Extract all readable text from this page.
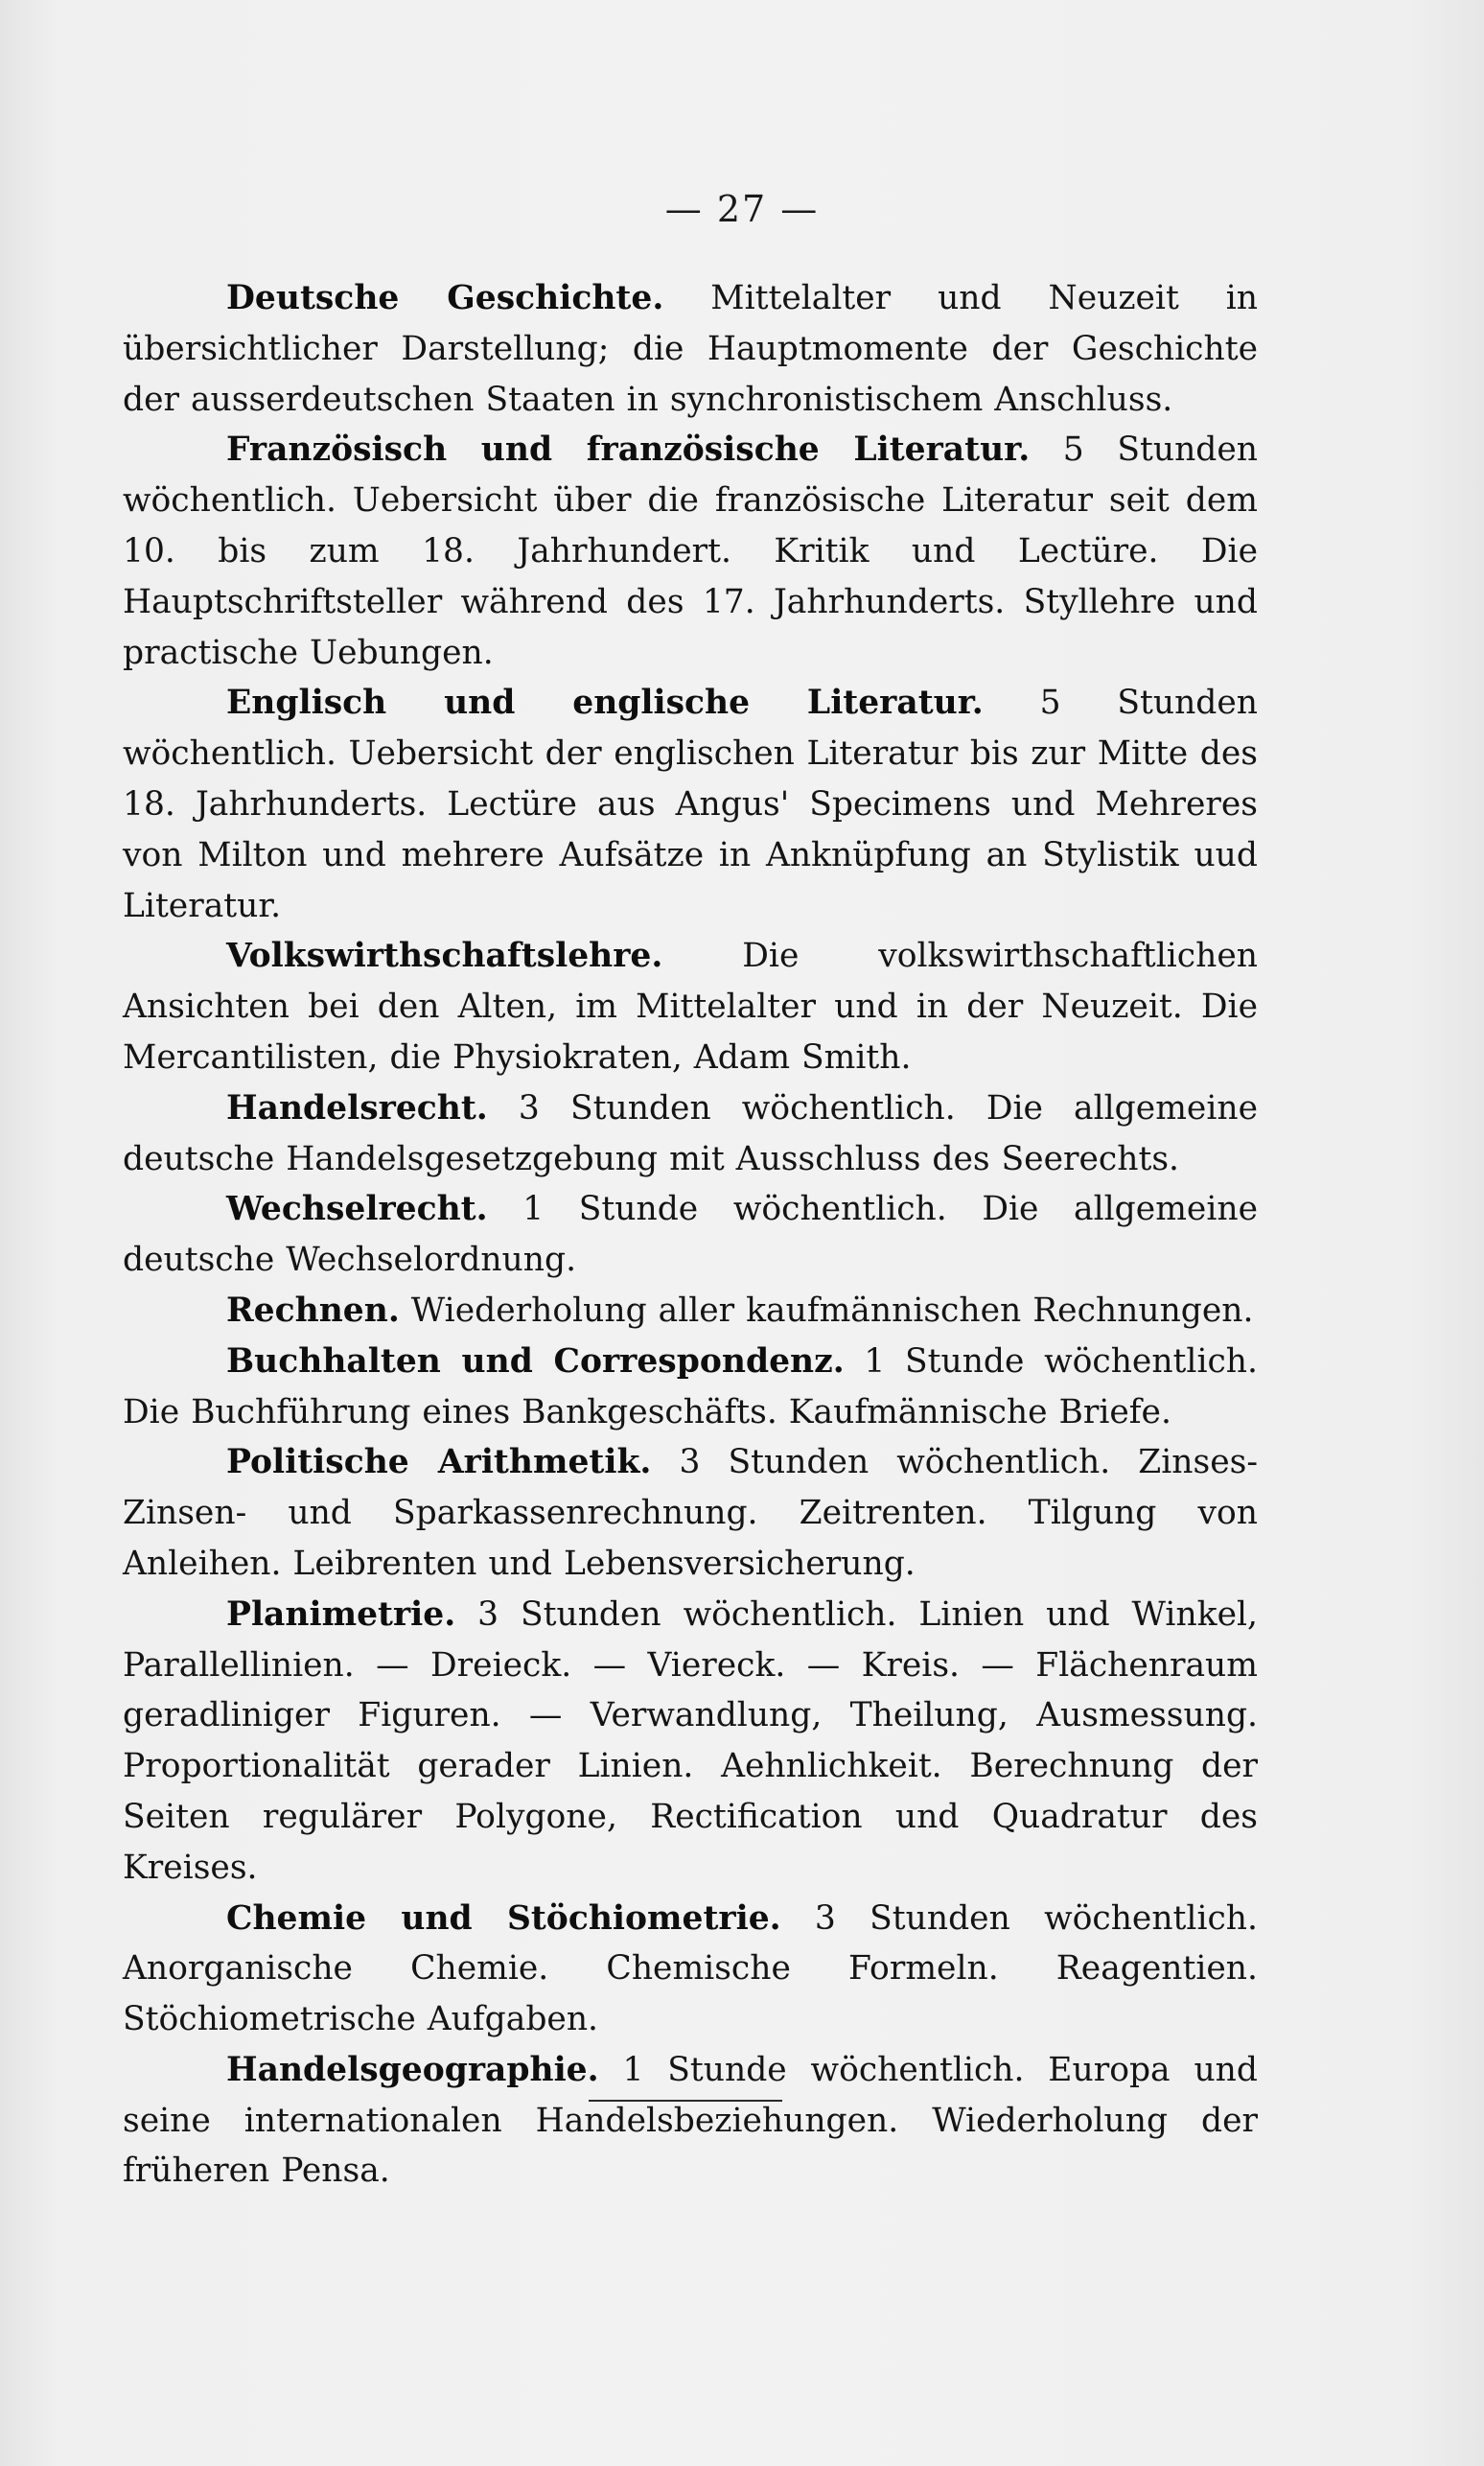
— 27 —

Deutsche Geschichte. Mittelalter und Neuzeit in übersichtlicher Darstellung; die Hauptmomente der Geschichte der ausserdeutschen Staaten in synchronistischem Anschluss.

Französisch und französische Literatur. 5 Stunden wöchentlich. Uebersicht über die französische Literatur seit dem 10. bis zum 18. Jahrhundert. Kritik und Lectüre. Die Hauptschriftsteller während des 17. Jahrhunderts. Styllehre und practische Uebungen.

Englisch und englische Literatur. 5 Stunden wöchentlich. Uebersicht der englischen Literatur bis zur Mitte des 18. Jahrhunderts. Lectüre aus Angus' Specimens und Mehreres von Milton und mehrere Aufsätze in Anknüpfung an Stylistik uud Literatur.

Volkswirthschaftslehre. Die volkswirthschaftlichen Ansichten bei den Alten, im Mittelalter und in der Neuzeit. Die Mercantilisten, die Physiokraten, Adam Smith.

Handelsrecht. 3 Stunden wöchentlich. Die allgemeine deutsche Handelsgesetzgebung mit Ausschluss des Seerechts.

Wechselrecht. 1 Stunde wöchentlich. Die allgemeine deutsche Wechselordnung.

Rechnen. Wiederholung aller kaufmännischen Rechnungen.

Buchhalten und Correspondenz. 1 Stunde wöchentlich. Die Buchführung eines Bankgeschäfts. Kaufmännische Briefe.

Politische Arithmetik. 3 Stunden wöchentlich. Zinses-Zinsen- und Sparkassenrechnung. Zeitrenten. Tilgung von Anleihen. Leibrenten und Lebensversicherung.

Planimetrie. 3 Stunden wöchentlich. Linien und Winkel, Parallellinien. — Dreieck. — Viereck. — Kreis. — Flächenraum geradliniger Figuren. — Verwandlung, Theilung, Ausmessung. Proportionalität gerader Linien. Aehnlichkeit. Berechnung der Seiten regulärer Polygone, Rectification und Quadratur des Kreises.

Chemie und Stöchiometrie. 3 Stunden wöchentlich. Anorganische Chemie. Chemische Formeln. Reagentien. Stöchiometrische Aufgaben.

Handelsgeographie. 1 Stunde wöchentlich. Europa und seine internationalen Handelsbeziehungen. Wiederholung der früheren Pensa.
